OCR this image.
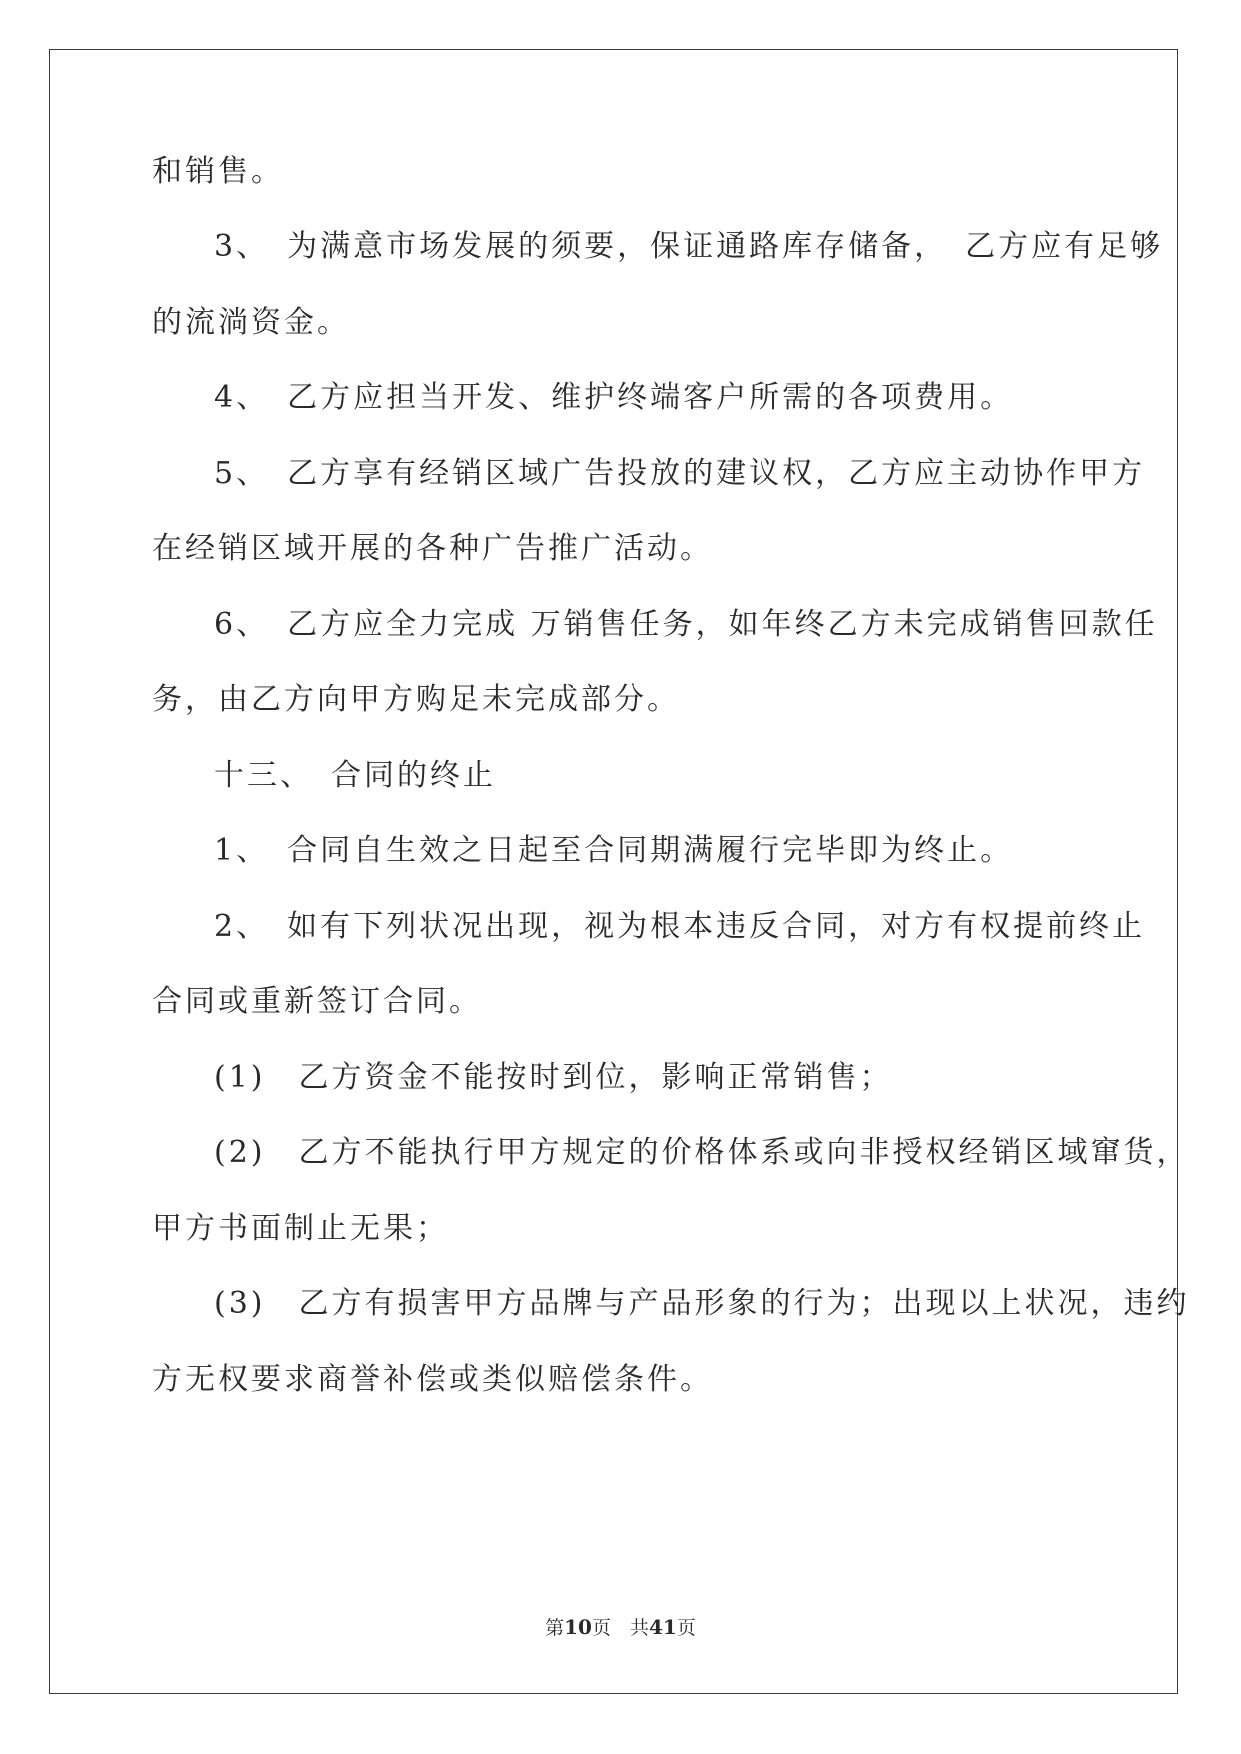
和销售。
3、　为满意市场发展的须要，保证通路库存储备，　乙方应有足够
的流淌资金。
4、　乙方应担当开发、维护终端客户所需的各项费用。
5、　乙方享有经销区域广告投放的建议权，乙方应主动协作甲方
在经销区域开展的各种广告推广活动。
6、　乙方应全力完成 万销售任务，如年终乙方未完成销售回款任
务，由乙方向甲方购足未完成部分。
十三、　合同的终止
1、　合同自生效之日起至合同期满履行完毕即为终止。
2、　如有下列状况出现，视为根本违反合同，对方有权提前终止
合同或重新签订合同。
(1)　乙方资金不能按时到位，影响正常销售；
(2)　乙方不能执行甲方规定的价格体系或向非授权经销区域窜货，
甲方书面制止无果；
(3)　乙方有损害甲方品牌与产品形象的行为；出现以上状况，违约
方无权要求商誉补偿或类似赔偿条件。
第10页　共41页
